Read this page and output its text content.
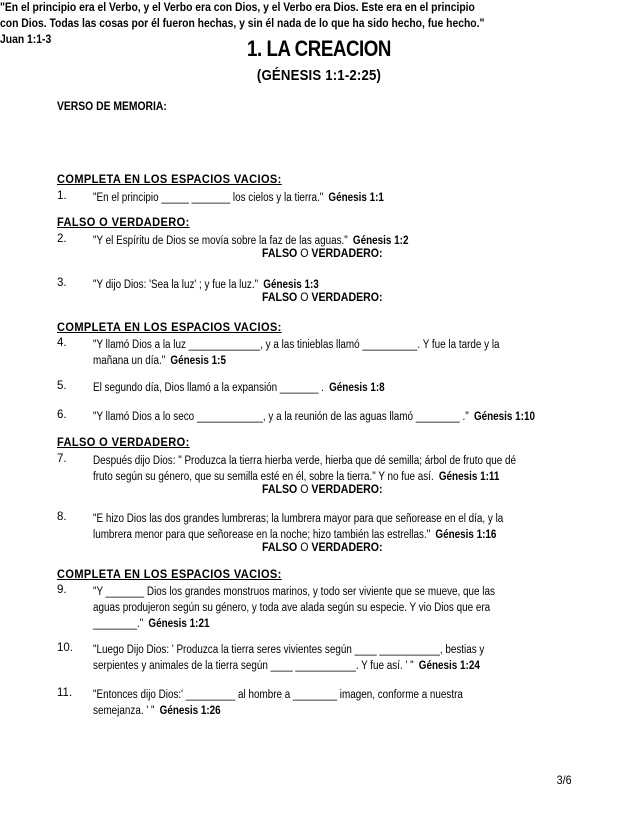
1. LA CREACION
(GÉNESIS 1:1-2:25)
VERSO DE MEMORIA:
"En el principio era el Verbo, y el Verbo era con Dios, y el Verbo era Dios. Este era en el principio
con Dios. Todas las cosas por él fueron hechas, y sin él nada de lo que ha sido hecho, fue hecho."
Juan 1:1-3
COMPLETA EN LOS ESPACIOS VACIOS:
1. "En el principio _____ _______ los cielos y la tierra." Génesis 1:1
FALSO O VERDADERO:
2. "Y el Espíritu de Dios se movía sobre la faz de las aguas." Génesis 1:2
FALSO O VERDADERO:
3. "Y dijo Dios: 'Sea la luz' ; y fue la luz." Génesis 1:3
FALSO O VERDADERO:
COMPLETA EN LOS ESPACIOS VACIOS:
4. "Y llamó Dios a la luz _____________, y a las tinieblas llamó __________. Y fue la tarde y la
mañana un día." Génesis 1:5
5. El segundo día, Dios llamó a la expansión _______ . Génesis 1:8
6. "Y llamó Dios a lo seco ____________, y a la reunión de las aguas llamó ________ ." Génesis 1:10
FALSO O VERDADERO:
7. Después dijo Dios: " Produzca la tierra hierba verde, hierba que dé semilla; árbol de fruto que dé
fruto según su género, que su semilla esté en él, sobre la tierra." Y no fue así. Génesis 1:11
FALSO O VERDADERO:
8. "E hizo Dios las dos grandes lumbreras; la lumbrera mayor para que señorease en el día, y la
lumbrera menor para que señorease en la noche; hizo también las estrellas." Génesis 1:16
FALSO O VERDADERO:
COMPLETA EN LOS ESPACIOS VACIOS:
9. "Y _______ Dios los grandes monstruos marinos, y todo ser viviente que se mueve, que las
aguas produjeron según su género, y toda ave alada según su especie. Y vio Dios que era
________." Génesis 1:21
10. "Luego Dijo Dios: ' Produzca la tierra seres vivientes según ____ ___________, bestias y
serpientes y animales de la tierra según ____ ___________. Y fue así. ' " Génesis 1:24
11. "Entonces dijo Dios:' _________ al hombre a ________ imagen, conforme a nuestra
semejanza. ' " Génesis 1:26
3/6
